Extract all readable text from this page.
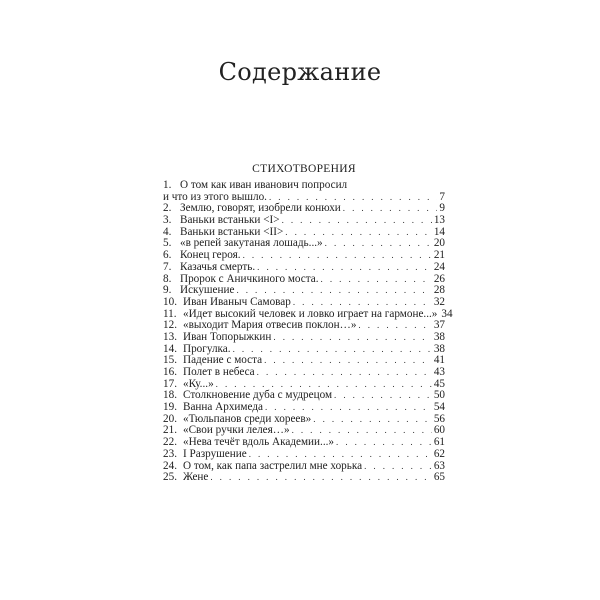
Содержание
СТИХОТВОРЕНИЯ
1. О том как иван иванович попросил
и что из этого вышло. . . .	7
2. Землю, говорят, изобрели конюхи . . .	9
3. Ваньки встаньки <I> . . .	13
4. Ваньки встаньки <II> . . .	14
5. «в репей закутаная лошадь...» . . .	20
6. Конец героя. . . .	21
7. Казачья смерть. . . .	24
8. Пророк с Аничкиного моста. . . .	26
9. Искушение . . .	28
10. Иван Иваныч Самовар . . .	32
11. «Идет высокий человек и ловко играет на гармоне...» 34
12. «выходит Мария отвесив поклон…» . . .	37
13. Иван Топорыжкин . . .	38
14. Прогулка. . . .	38
15. Падение с моста . . .	41
16. Полет в небеса . . .	43
17. «Ку...» . . .	45
18. Столкновение дуба с мудрецом . . .	50
19. Ванна Архимеда . . .	54
20. «Тюльпанов среди хореев» . . .	56
21. «Свои ручки лелея…» . . .	60
22. «Нева течёт вдоль Академии...» . . .	61
23. I Разрушение . . .	62
24. О том, как папа застрелил мне хорька . . .	63
25. Жене . . .	65
